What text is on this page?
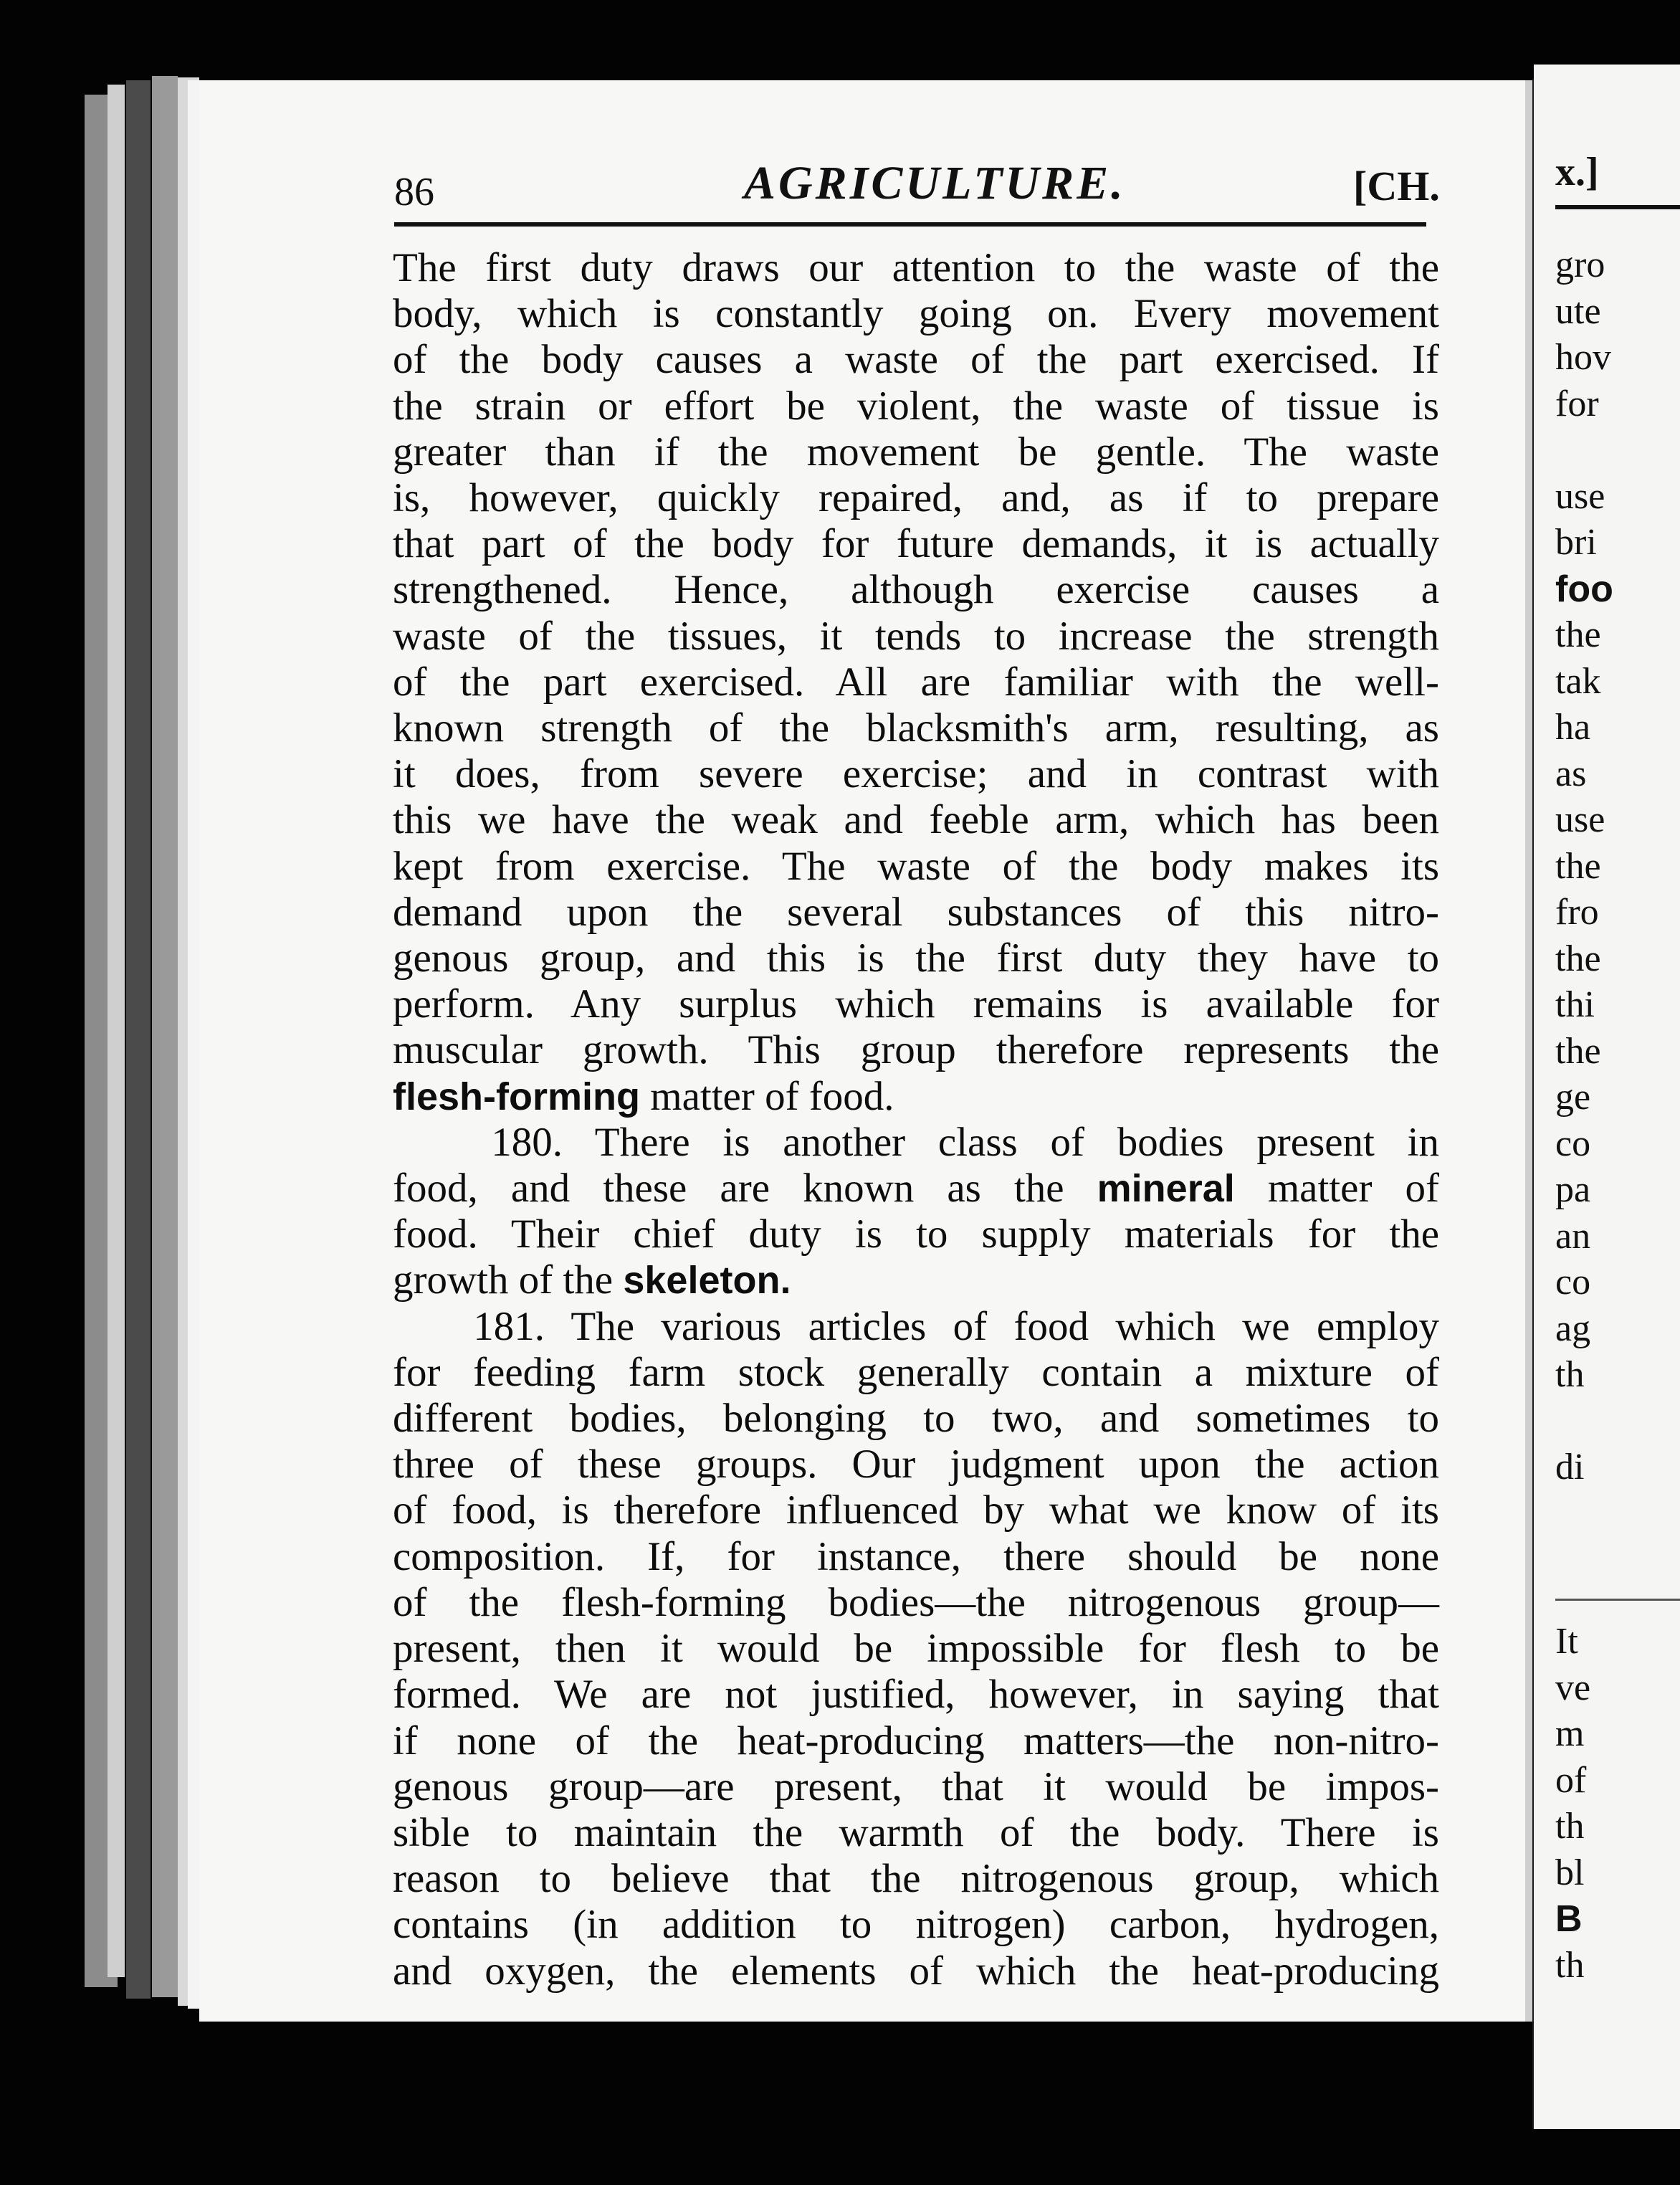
86	AGRICULTURE.	[CH.
The first duty draws our attention to the waste of the
body, which is constantly going on. Every movement
of the body causes a waste of the part exercised. If
the strain or effort be violent, the waste of tissue is
greater than if the movement be gentle. The waste
is, however, quickly repaired, and, as if to prepare
that part of the body for future demands, it is actually
strengthened. Hence, although exercise causes a
waste of the tissues, it tends to increase the strength
of the part exercised. All are familiar with the well-
known strength of the blacksmith's arm, resulting, as
it does, from severe exercise; and in contrast with
this we have the weak and feeble arm, which has been
kept from exercise. The waste of the body makes its
demand upon the several substances of this nitro-
genous group, and this is the first duty they have to
perform. Any surplus which remains is available for
muscular growth. This group therefore represents the
flesh-forming matter of food.
180. There is another class of bodies present in
food, and these are known as the mineral matter of
food. Their chief duty is to supply materials for the
growth of the skeleton.
181. The various articles of food which we employ
for feeding farm stock generally contain a mixture of
different bodies, belonging to two, and sometimes to
three of these groups. Our judgment upon the action
of food, is therefore influenced by what we know of its
composition. If, for instance, there should be none
of the flesh-forming bodies—the nitrogenous group—
present, then it would be impossible for flesh to be
formed. We are not justified, however, in saying that
if none of the heat-producing matters—the non-nitro-
genous group—are present, that it would be impos-
sible to maintain the warmth of the body. There is
reason to believe that the nitrogenous group, which
contains (in addition to nitrogen) carbon, hydrogen,
and oxygen, the elements of which the heat-producing
x.]
gro
ute
hov
for
use
bri
foo
the
tak
ha
as
use
the
fro
the
thi
the
ge
co
pa
an
co
ag
th
di
It
ve
m
of
th
bl
B
th
